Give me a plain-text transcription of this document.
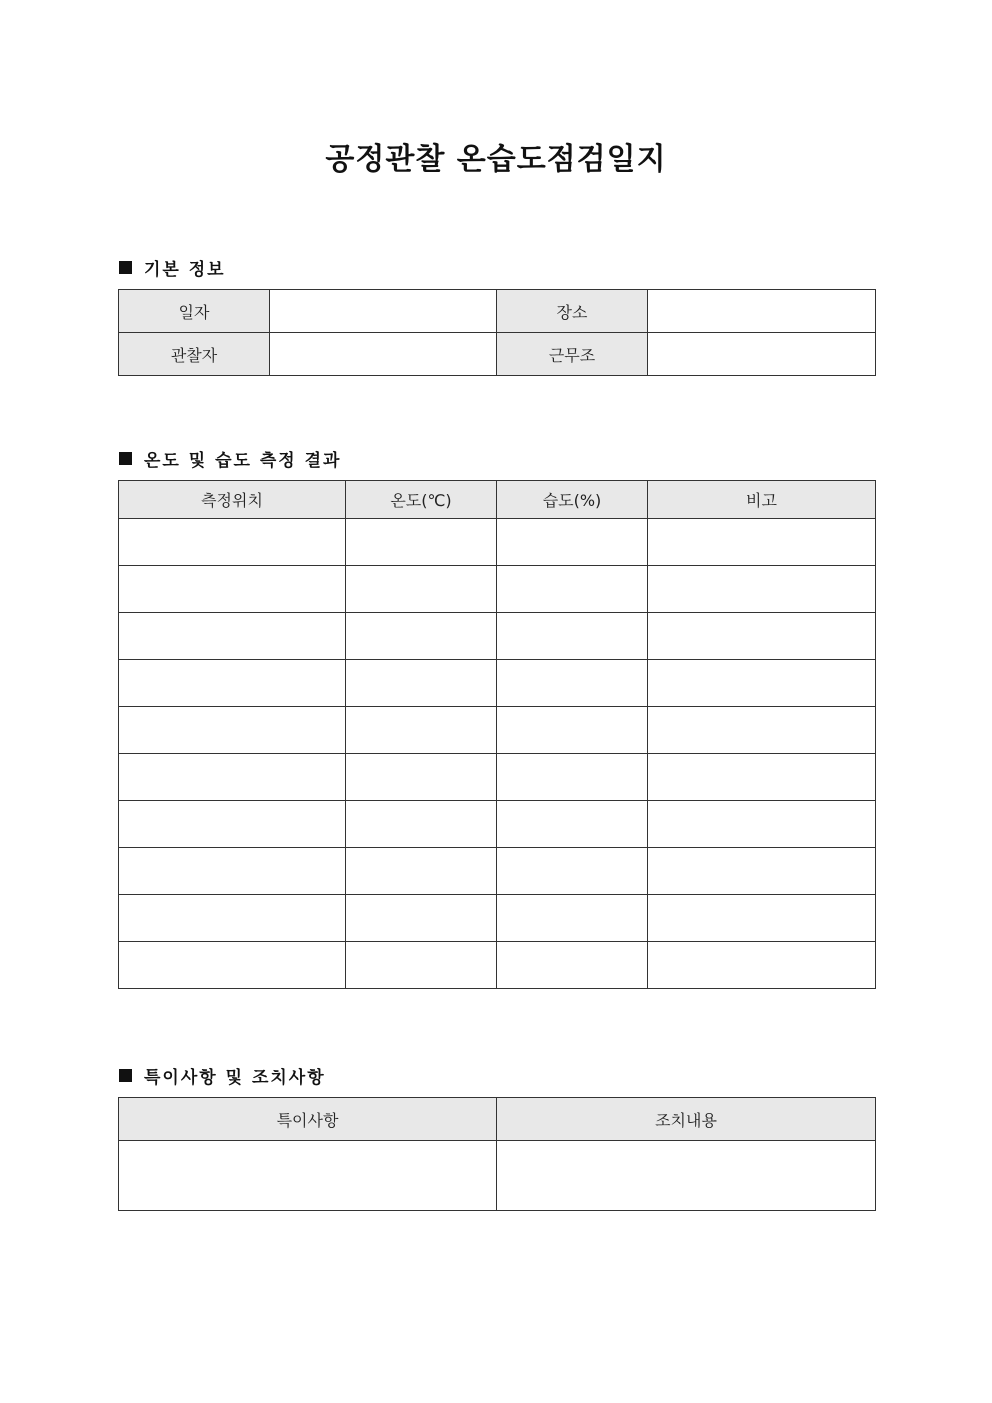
공정관찰 온습도점검일지
기본 정보
일자		장소	
관찰자		근무조	
온도 및 습도 측정 결과
측정위치	온도(℃)	습도(%)	비고

특이사항 및 조치사항
특이사항	조치내용
